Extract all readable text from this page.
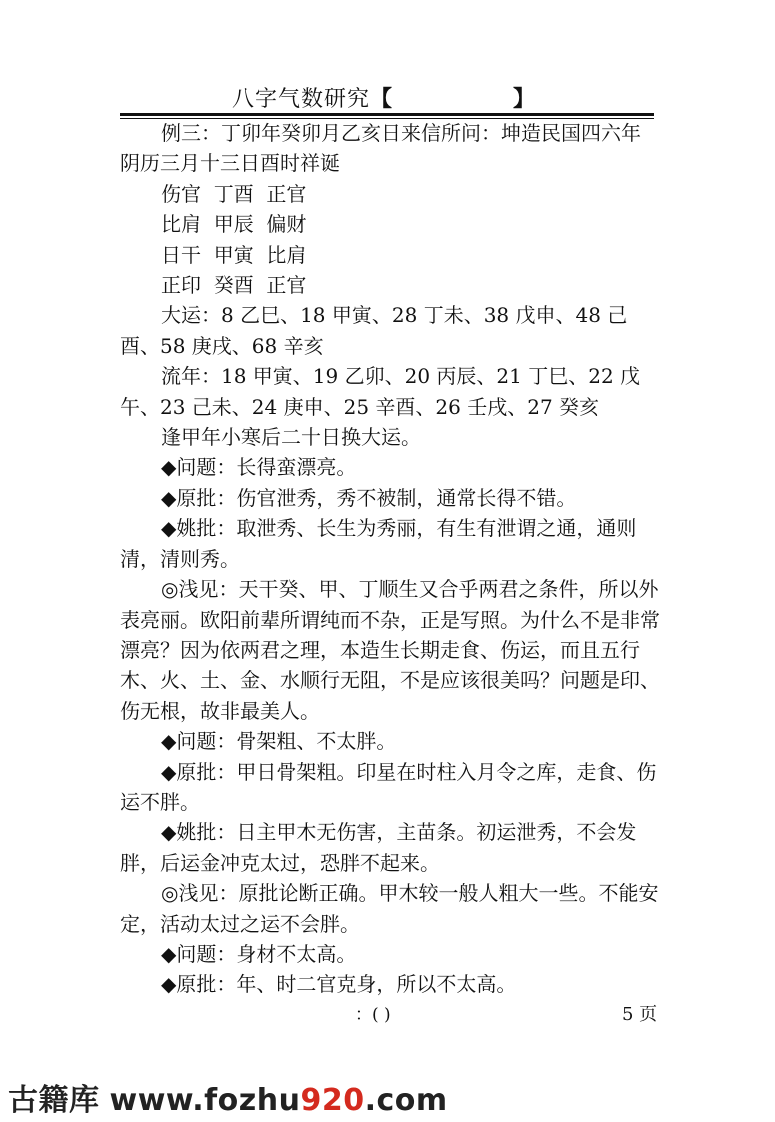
八字气数研究【	】

例三：丁卯年癸卯月乙亥日来信所问：坤造民国四六年阴历三月十三日酉时祥诞

伤官  丁酉  正官

比肩  甲辰  偏财

日干  甲寅  比肩

正印  癸酉  正官

大运：8 乙巳、18 甲寅、28 丁未、38 戊申、48 己酉、58 庚戌、68 辛亥

流年：18 甲寅、19 乙卯、20 丙辰、21 丁巳、22 戊午、23 己未、24 庚申、25 辛酉、26 壬戌、27 癸亥

逢甲年小寒后二十日换大运。

◆问题：长得蛮漂亮。

◆原批：伤官泄秀，秀不被制，通常长得不错。

◆姚批：取泄秀、长生为秀丽，有生有泄谓之通，通则清，清则秀。

◎浅见：天干癸、甲、丁顺生又合乎两君之条件，所以外表亮丽。欧阳前辈所谓纯而不杂，正是写照。为什么不是非常漂亮？因为依两君之理，本造生长期走食、伤运，而且五行木、火、土、金、水顺行无阻，不是应该很美吗？问题是印、伤无根，故非最美人。

◆问题：骨架粗、不太胖。

◆原批：甲日骨架粗。印星在时柱入月令之库，走食、伤运不胖。

◆姚批：日主甲木无伤害，主苗条。初运泄秀，不会发胖，后运金冲克太过，恐胖不起来。

◎浅见：原批论断正确。甲木较一般人粗大一些。不能安定，活动太过之运不会胖。

◆问题：身材不太高。

◆原批：年、时二官克身，所以不太高。

：( )	5 页
古籍库 www.fozhu920.com
